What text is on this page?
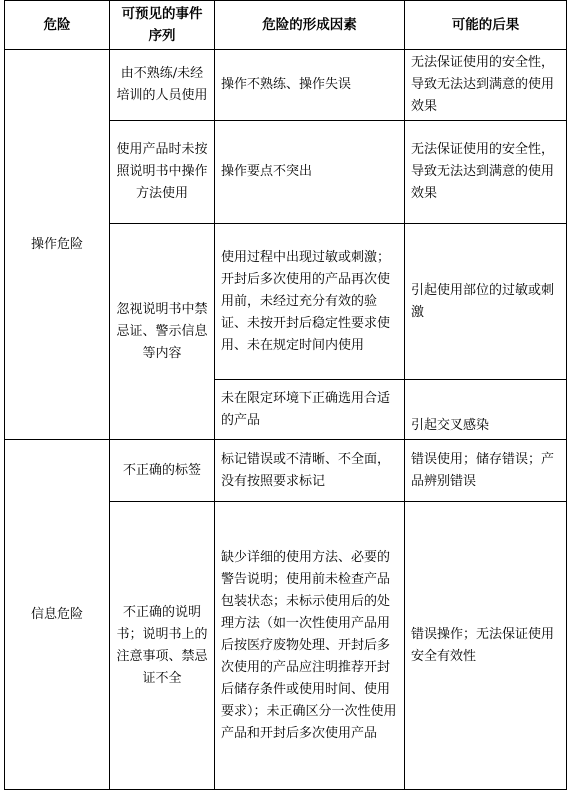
危险	可预见的事件序列	危险的形成因素	可能的后果
操作危险	由不熟练/未经培训的人员使用	操作不熟练、操作失误	无法保证使用的安全性，导致无法达到满意的使用效果
	使用产品时未按照说明书中操作方法使用	操作要点不突出	无法保证使用的安全性，导致无法达到满意的使用效果
	忽视说明书中禁忌证、警示信息等内容	使用过程中出现过敏或刺激；开封后多次使用的产品再次使用前，未经过充分有效的验证、未按开封后稳定性要求使用、未在规定时间内使用	引起使用部位的过敏或刺激
		未在限定环境下正确选用合适的产品	引起交叉感染
信息危险	不正确的标签	标记错误或不清晰、不全面，没有按照要求标记	错误使用；储存错误；产品辨别错误
	不正确的说明书；说明书上的注意事项、禁忌证不全	缺少详细的使用方法、必要的警告说明；使用前未检查产品包装状态；未标示使用后的处理方法（如一次性使用产品用后按医疗废物处理、开封后多次使用的产品应注明推荐开封后储存条件或使用时间、使用要求）；未正确区分一次性使用产品和开封后多次使用产品	错误操作；无法保证使用安全有效性
